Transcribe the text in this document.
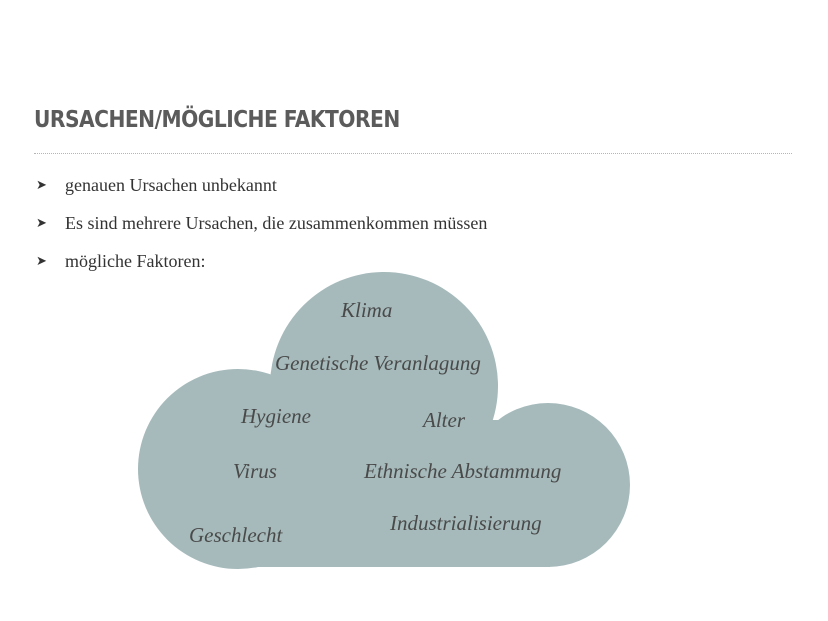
URSACHEN/MÖGLICHE FAKTOREN
➤	genauen Ursachen unbekannt
➤	Es sind mehrere Ursachen, die zusammenkommen müssen
➤	mögliche Faktoren:
Klima
Genetische Veranlagung
Hygiene	Alter
Virus	Ethnische Abstammung
Geschlecht	Industrialisierung
